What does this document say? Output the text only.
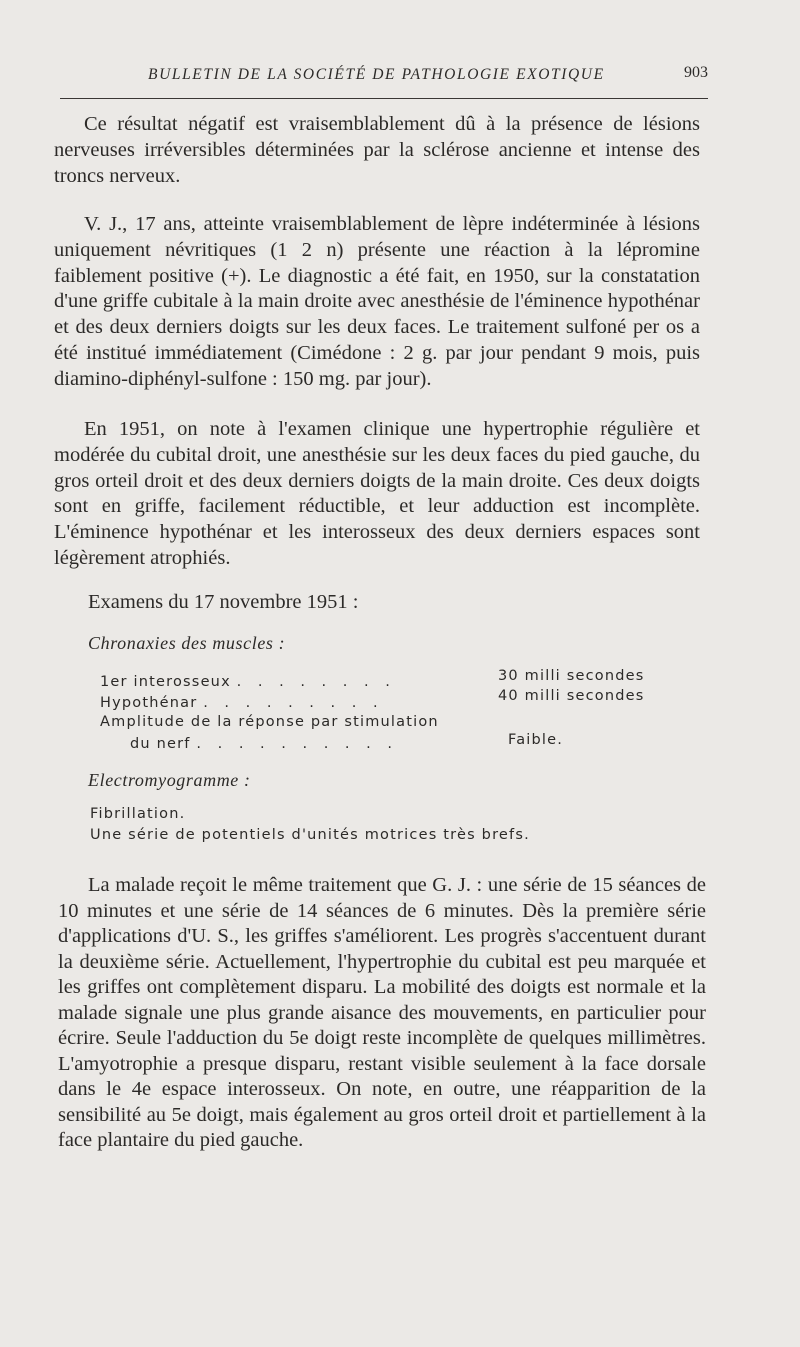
BULLETIN DE LA SOCIÉTÉ DE PATHOLOGIE EXOTIQUE	903

Ce résultat négatif est vraisemblablement dû à la présence de lésions nerveuses irréversibles déterminées par la sclérose ancienne et intense des troncs nerveux.

V. J., 17 ans, atteinte vraisemblablement de lèpre indéterminée à lésions uniquement névritiques (1 2 n) présente une réaction à la lépromine faiblement positive (+). Le diagnostic a été fait, en 1950, sur la constatation d'une griffe cubitale à la main droite avec anesthésie de l'éminence hypothénar et des deux derniers doigts sur les deux faces. Le traitement sulfoné per os a été institué immédiatement (Cimédone : 2 g. par jour pendant 9 mois, puis diamino-diphényl-sulfone : 150 mg. par jour).

En 1951, on note à l'examen clinique une hypertrophie régulière et modérée du cubital droit, une anesthésie sur les deux faces du pied gauche, du gros orteil droit et des deux derniers doigts de la main droite. Ces deux doigts sont en griffe, facilement réductible, et leur adduction est incomplète. L'éminence hypothénar et les interosseux des deux derniers espaces sont légèrement atrophiés.

Examens du 17 novembre 1951 :

Chronaxies des muscles :

1er interosseux . . . . . . . .	30 milli secondes
Hypothénar . . . . . . . . .	40 milli secondes
Amplitude de la réponse par stimulation
du nerf . . . . . . . . . .	Faible.

Electromyogramme :

Fibrillation.
Une série de potentiels d'unités motrices très brefs.

La malade reçoit le même traitement que G. J. : une série de 15 séances de 10 minutes et une série de 14 séances de 6 minutes. Dès la première série d'applications d'U. S., les griffes s'améliorent. Les progrès s'accentuent durant la deuxième série. Actuellement, l'hypertrophie du cubital est peu marquée et les griffes ont complètement disparu. La mobilité des doigts est normale et la malade signale une plus grande aisance des mouvements, en particulier pour écrire. Seule l'adduction du 5e doigt reste incomplète de quelques millimètres. L'amyotrophie a presque disparu, restant visible seulement à la face dorsale dans le 4e espace interosseux. On note, en outre, une réapparition de la sensibilité au 5e doigt, mais également au gros orteil droit et partiellement à la face plantaire du pied gauche.
